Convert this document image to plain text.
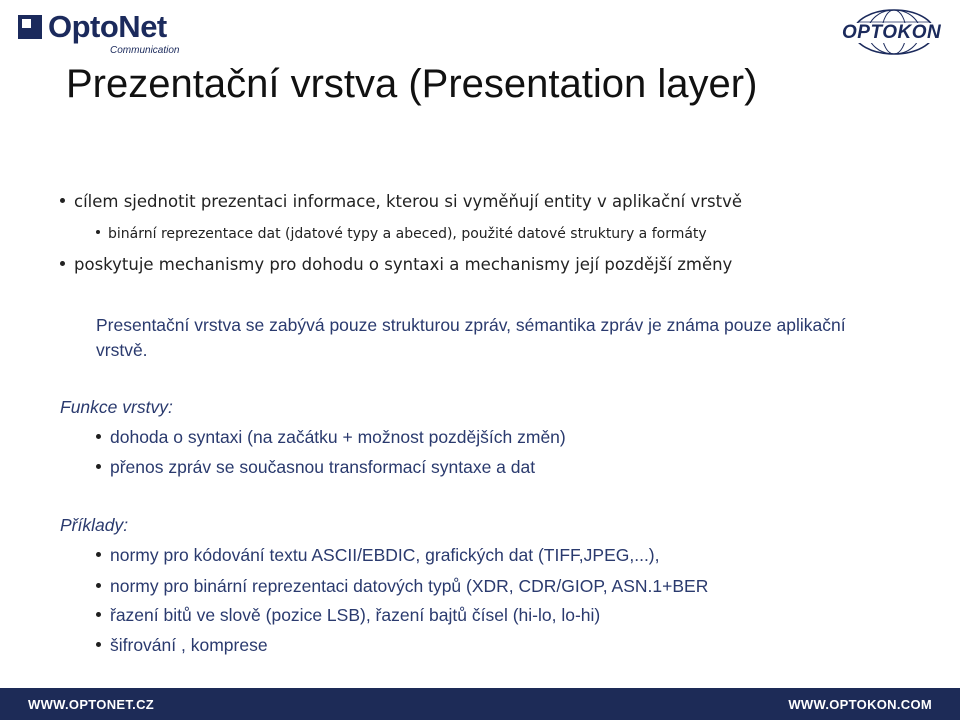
OptoNet
Communication
OPTOKON
Prezentační vrstva (Presentation layer)
cílem sjednotit prezentaci informace, kterou si vyměňují entity v aplikační vrstvě
binární reprezentace dat (jdatové typy a abeced), použité datové struktury a formáty
poskytuje mechanismy pro dohodu o syntaxi a mechanismy její pozdější změny

Presentační vrstva se zabývá pouze strukturou zpráv, sémantika zpráv je známa pouze aplikační vrstvě.

Funkce vrstvy:
dohoda o syntaxi (na začátku + možnost pozdějších změn)
přenos zpráv se současnou transformací syntaxe a dat
Příklady:
normy pro kódování textu ASCII/EBDIC, grafických dat (TIFF,JPEG,...),
normy pro binární reprezentaci datových typů (XDR, CDR/GIOP, ASN.1+BER
řazení bitů ve slově (pozice LSB), řazení bajtů čísel (hi-lo, lo-hi)
šifrování , komprese
WWW.OPTONET.CZ	WWW.OPTOKON.COM
